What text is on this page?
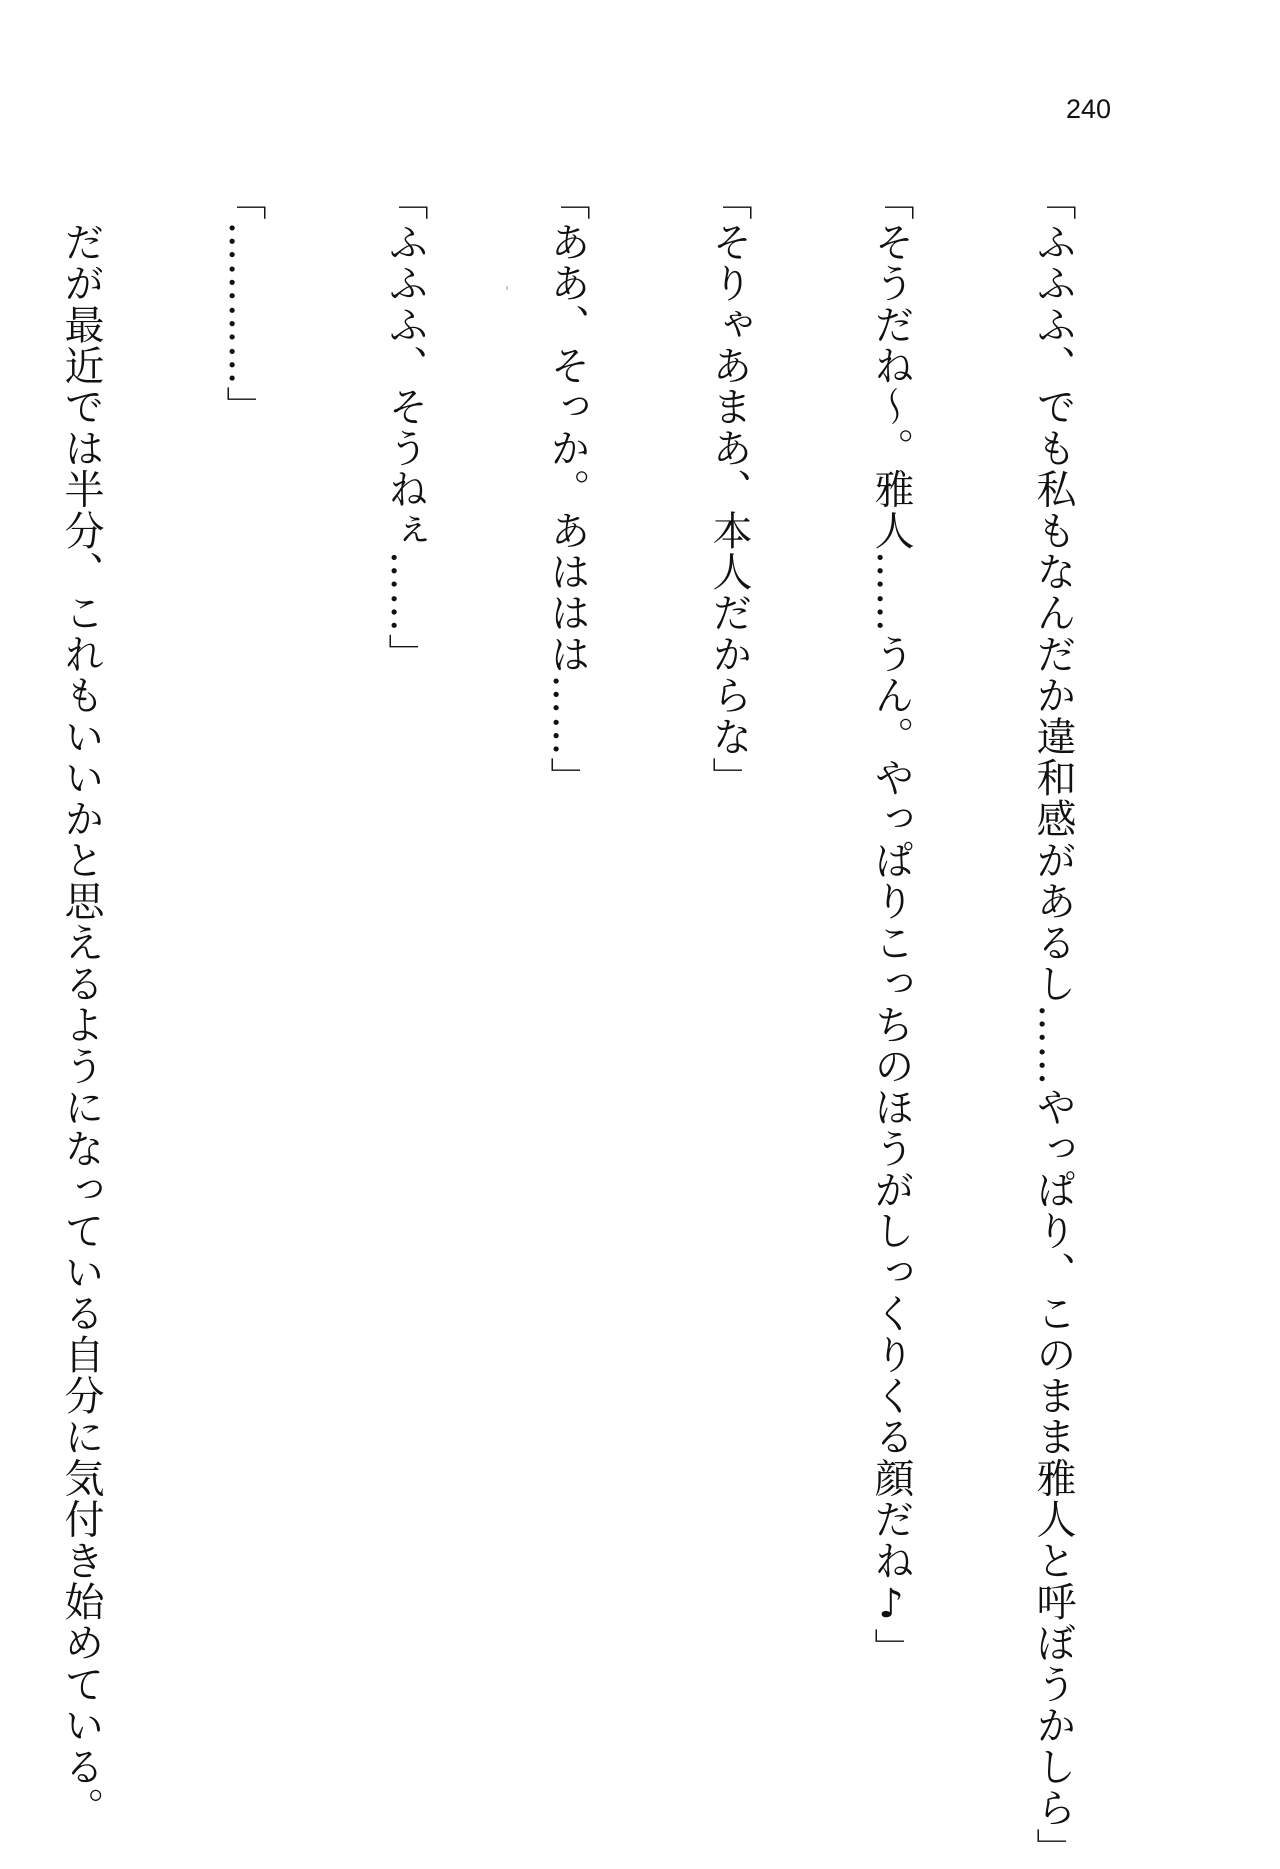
240

「ふふふ、でも私もなんだか違和感があるし……やっぱり、このまま雅人と呼ぼうかしら」

「そうだね～。雅人……うん。やっぱりこっちのほうがしっくりくる顔だね♪」

「そりゃあまあ、本人だからな」

「ああ、そっか。あははは……」

「ふふふ、そうねぇ……」

「…………」

　だが最近では半分、これもいいかと思えるようになっている自分に気付き始めている。
